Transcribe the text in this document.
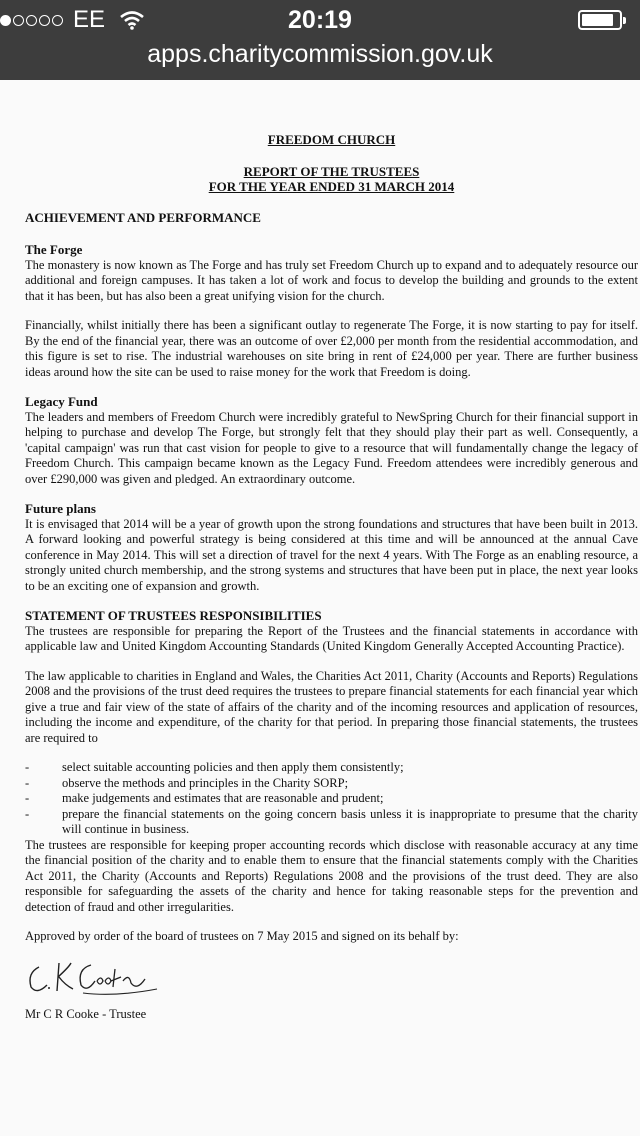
EE	20:19
apps.charitycommission.gov.uk
FREEDOM CHURCH
REPORT OF THE TRUSTEES
FOR THE YEAR ENDED 31 MARCH 2014
ACHIEVEMENT AND PERFORMANCE
The Forge

The monastery is now known as The Forge and has truly set Freedom Church up to expand and to adequately resource our additional and foreign campuses. It has taken a lot of work and focus to develop the building and grounds to the extent that it has been, but has also been a great unifying vision for the church.

Financially, whilst initially there has been a significant outlay to regenerate The Forge, it is now starting to pay for itself. By the end of the financial year, there was an outcome of over £2,000 per month from the residential accommodation, and this figure is set to rise. The industrial warehouses on site bring in rent of £24,000 per year. There are further business ideas around how the site can be used to raise money for the work that Freedom is doing.

Legacy Fund

The leaders and members of Freedom Church were incredibly grateful to NewSpring Church for their financial support in helping to purchase and develop The Forge, but strongly felt that they should play their part as well. Consequently, a 'capital campaign' was run that cast vision for people to give to a resource that will fundamentally change the legacy of Freedom Church. This campaign became known as the Legacy Fund. Freedom attendees were incredibly generous and over £290,000 was given and pledged. An extraordinary outcome.

Future plans

It is envisaged that 2014 will be a year of growth upon the strong foundations and structures that have been built in 2013. A forward looking and powerful strategy is being considered at this time and will be announced at the annual Cave conference in May 2014. This will set a direction of travel for the next 4 years. With The Forge as an enabling resource, a strongly united church membership, and the strong systems and structures that have been put in place, the next year looks to be an exciting one of expansion and growth.

STATEMENT OF TRUSTEES RESPONSIBILITIES

The trustees are responsible for preparing the Report of the Trustees and the financial statements in accordance with applicable law and United Kingdom Accounting Standards (United Kingdom Generally Accepted Accounting Practice).

The law applicable to charities in England and Wales, the Charities Act 2011, Charity (Accounts and Reports) Regulations 2008 and the provisions of the trust deed requires the trustees to prepare financial statements for each financial year which give a true and fair view of the state of affairs of the charity and of the incoming resources and application of resources, including the income and expenditure, of the charity for that period. In preparing those financial statements, the trustees are required to

- select suitable accounting policies and then apply them consistently;
- observe the methods and principles in the Charity SORP;
- make judgements and estimates that are reasonable and prudent;
- prepare the financial statements on the going concern basis unless it is inappropriate to presume that the charity will continue in business.

The trustees are responsible for keeping proper accounting records which disclose with reasonable accuracy at any time the financial position of the charity and to enable them to ensure that the financial statements comply with the Charities Act 2011, the Charity (Accounts and Reports) Regulations 2008 and the provisions of the trust deed. They are also responsible for safeguarding the assets of the charity and hence for taking reasonable steps for the prevention and detection of fraud and other irregularities.

Approved by order of the board of trustees on 7 May 2015 and signed on its behalf by:

Mr C R Cooke - Trustee
